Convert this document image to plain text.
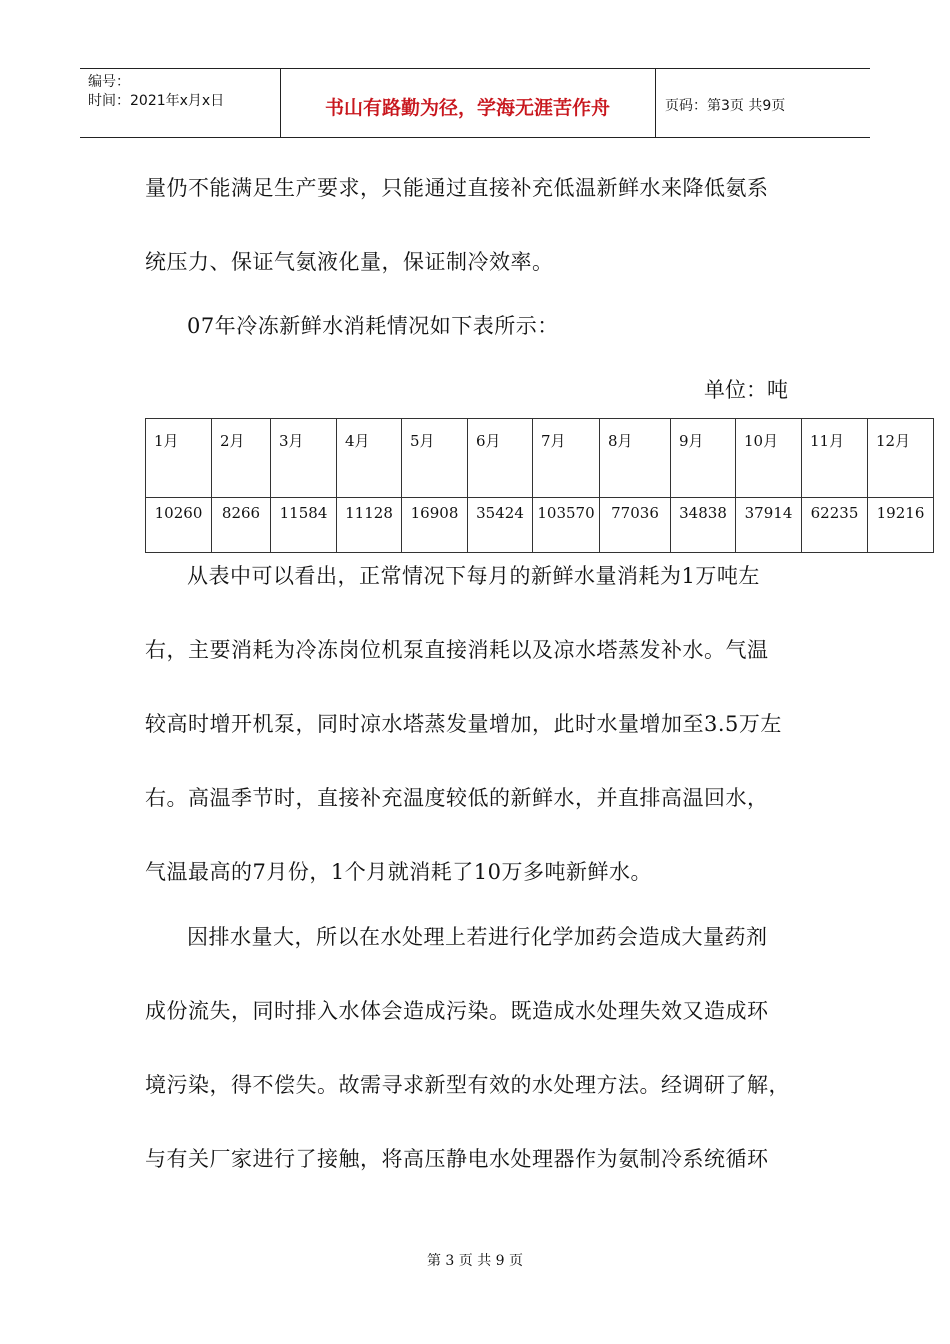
编号：
时间：2021年x月x日	书山有路勤为径，学海无涯苦作舟	页码：第3页 共9页
量仍不能满足生产要求，只能通过直接补充低温新鲜水来降低氨系
统压力、保证气氨液化量，保证制冷效率。
07年冷冻新鲜水消耗情况如下表所示：
单位：吨
1月	2月	3月	4月	5月	6月	7月	8月	9月	10月	11月	12月

10260	8266	11584	11128	16908	35424	103570	77036	34838	37914	62235	19216
从表中可以看出，正常情况下每月的新鲜水量消耗为1万吨左
右，主要消耗为冷冻岗位机泵直接消耗以及凉水塔蒸发补水。气温
较高时增开机泵，同时凉水塔蒸发量增加，此时水量增加至3.5万左
右。高温季节时，直接补充温度较低的新鲜水，并直排高温回水，
气温最高的7月份，1个月就消耗了10万多吨新鲜水。
因排水量大，所以在水处理上若进行化学加药会造成大量药剂
成份流失，同时排入水体会造成污染。既造成水处理失效又造成环
境污染，得不偿失。故需寻求新型有效的水处理方法。经调研了解，
与有关厂家进行了接触，将高压静电水处理器作为氨制冷系统循环
第 3 页 共 9 页
